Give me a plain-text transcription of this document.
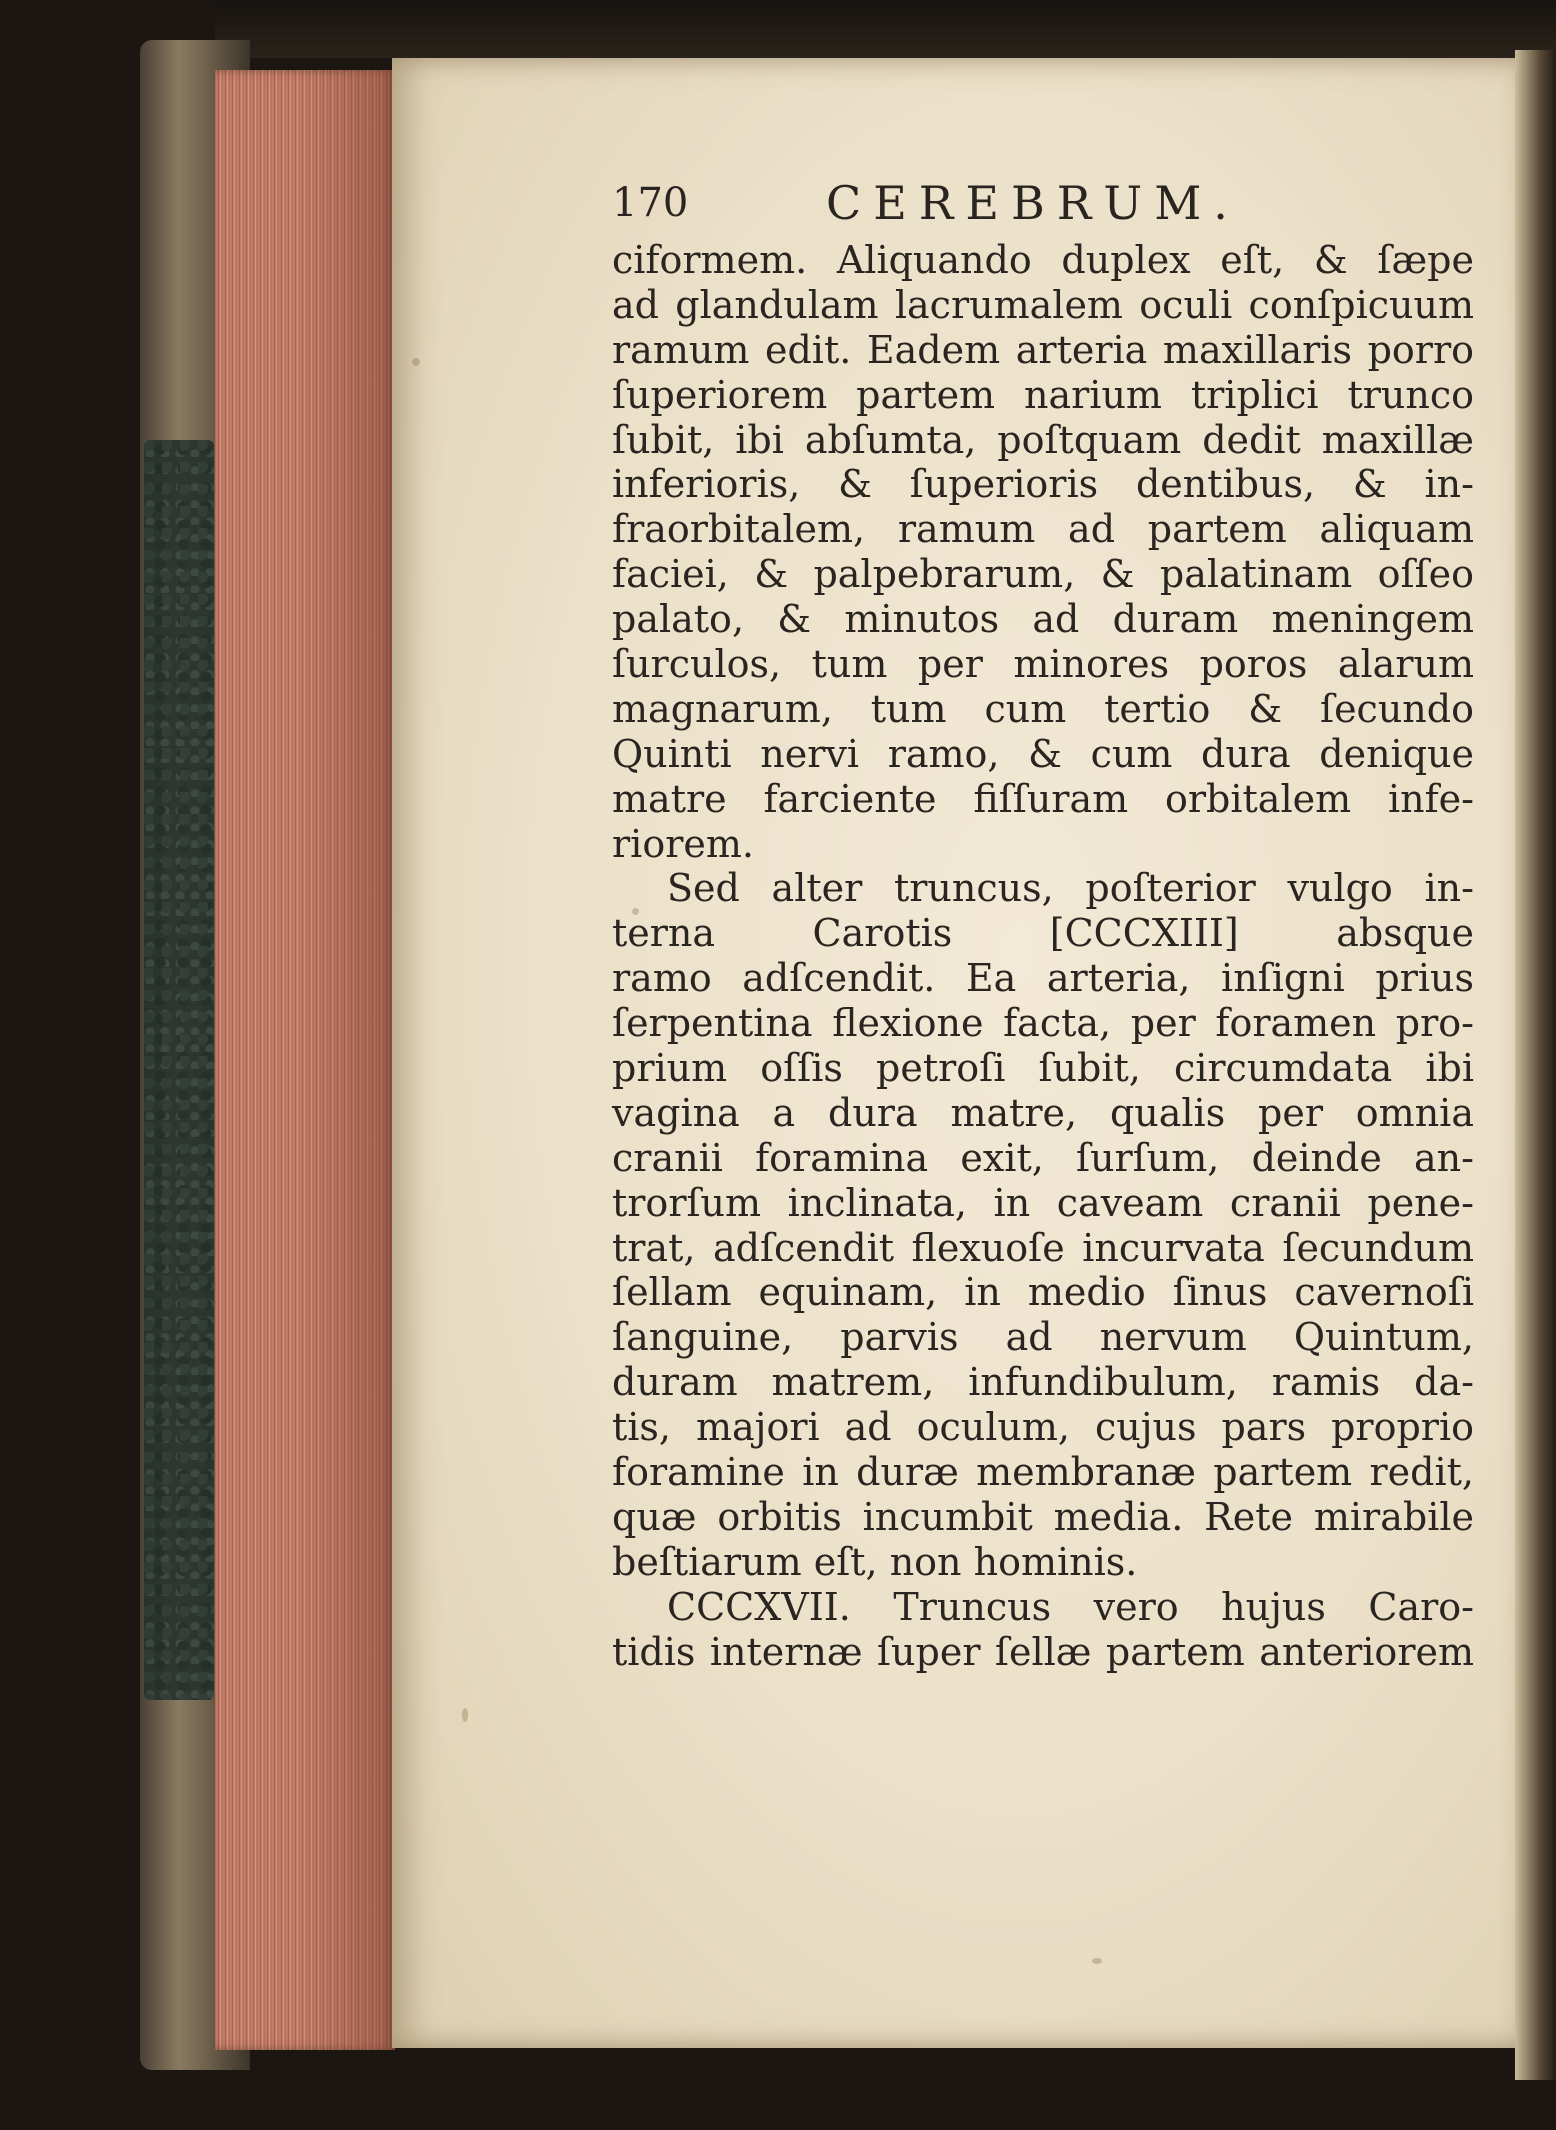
170	CEREBRUM.
ciformem. Aliquando duplex eſt, & ſæpe
ad glandulam lacrumalem oculi conſpicuum
ramum edit. Eadem arteria maxillaris porro
ſuperiorem partem narium triplici trunco
ſubit, ibi abſumta, poſtquam dedit maxillæ
inferioris, & ſuperioris dentibus, & in-
fraorbitalem, ramum ad partem aliquam
faciei, & palpebrarum, & palatinam oſſeo
palato, & minutos ad duram meningem
ſurculos, tum per minores poros alarum
magnarum, tum cum tertio & ſecundo
Quinti nervi ramo, & cum dura denique
matre farciente fiſſuram orbitalem infe-
riorem.
Sed alter truncus, poſterior vulgo in-
terna Carotis [CCCXIII] absque
ramo adſcendit. Ea arteria, inſigni prius
ſerpentina flexione facta, per foramen pro-
prium oſſis petroſi ſubit, circumdata ibi
vagina a dura matre, qualis per omnia
cranii foramina exit, ſurſum, deinde an-
trorſum inclinata, in caveam cranii pene-
trat, adſcendit flexuoſe incurvata ſecundum
ſellam equinam, in medio ſinus cavernoſi
ſanguine, parvis ad nervum Quintum,
duram matrem, infundibulum, ramis da-
tis, majori ad oculum, cujus pars proprio
foramine in duræ membranæ partem redit,
quæ orbitis incumbit media. Rete mirabile
beſtiarum eſt, non hominis.
CCCXVII. Truncus vero hujus Caro-
tidis internæ ſuper ſellæ partem anteriorem
